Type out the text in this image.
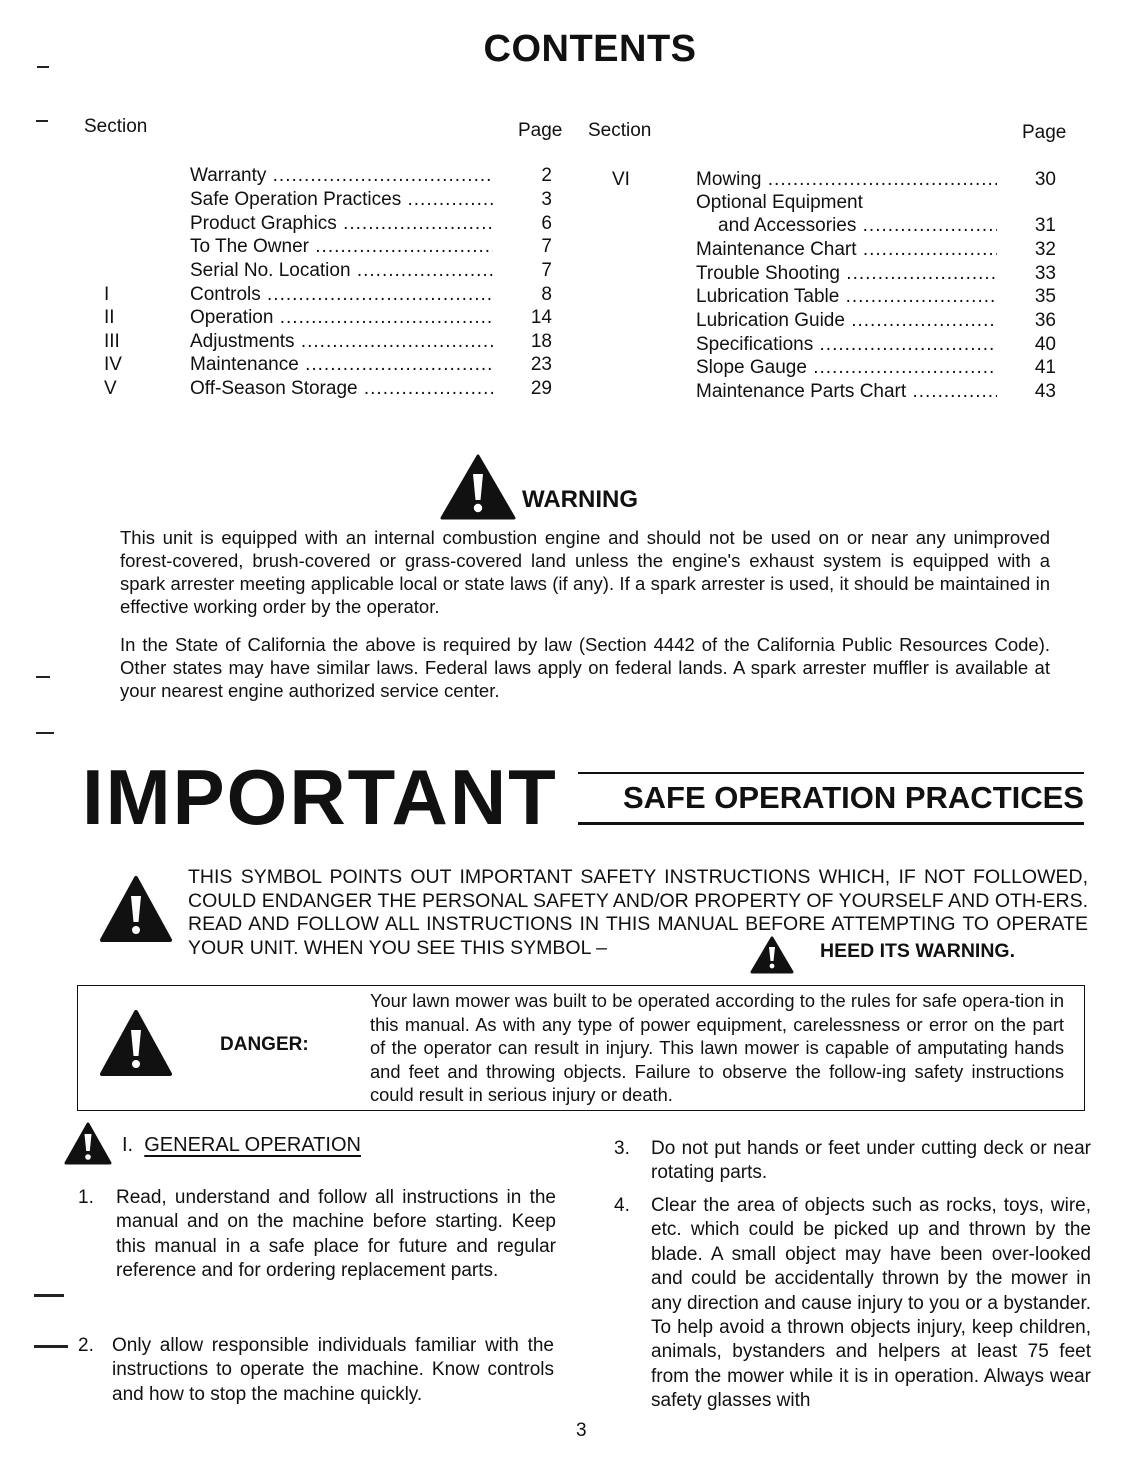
CONTENTS
Section	Page Section	Page
Warranty .....	2
Safe Operation Practices .....	3
Product Graphics .....	6
To The Owner .....	7
Serial No. Location .....	7
I	Controls .....	8
II	Operation .....	14
III	Adjustments .....	18
IV	Maintenance .....	23
V	Off-Season Storage .....	29
VI	Mowing .....	30
Optional Equipment
and Accessories .....	31
Maintenance Chart .....	32
Trouble Shooting .....	33
Lubrication Table .....	35
Lubrication Guide .....	36
Specifications .....	40
Slope Gauge .....	41
Maintenance Parts Chart .....	43
WARNING
This unit is equipped with an internal combustion engine and should not be used on or near any unimproved forest-covered, brush-covered or grass-covered land unless the engine's exhaust system is equipped with a spark arrester meeting applicable local or state laws (if any). If a spark arrester is used, it should be maintained in effective working order by the operator.
In the State of California the above is required by law (Section 4442 of the California Public Resources Code). Other states may have similar laws. Federal laws apply on federal lands. A spark arrester muffler is available at your nearest engine authorized service center.
IMPORTANT	SAFE OPERATION PRACTICES
THIS SYMBOL POINTS OUT IMPORTANT SAFETY INSTRUCTIONS WHICH, IF NOT FOLLOWED, COULD ENDANGER THE PERSONAL SAFETY AND/OR PROPERTY OF YOURSELF AND OTH-ERS. READ AND FOLLOW ALL INSTRUCTIONS IN THIS MANUAL BEFORE ATTEMPTING TO OPERATE YOUR UNIT. WHEN YOU SEE THIS SYMBOL –	HEED ITS WARNING.
DANGER:
Your lawn mower was built to be operated according to the rules for safe opera-tion in this manual. As with any type of power equipment, carelessness or error on the part of the operator can result in injury. This lawn mower is capable of amputating hands and feet and throwing objects. Failure to observe the follow-ing safety instructions could result in serious injury or death.
I. GENERAL OPERATION
1. Read, understand and follow all instructions in the manual and on the machine before starting. Keep this manual in a safe place for future and regular reference and for ordering replacement parts.
2. Only allow responsible individuals familiar with the instructions to operate the machine. Know controls and how to stop the machine quickly.
3. Do not put hands or feet under cutting deck or near rotating parts.
4. Clear the area of objects such as rocks, toys, wire, etc. which could be picked up and thrown by the blade. A small object may have been over-looked and could be accidentally thrown by the mower in any direction and cause injury to you or a bystander. To help avoid a thrown objects injury, keep children, animals, bystanders and helpers at least 75 feet from the mower while it is in operation. Always wear safety glasses with
3
